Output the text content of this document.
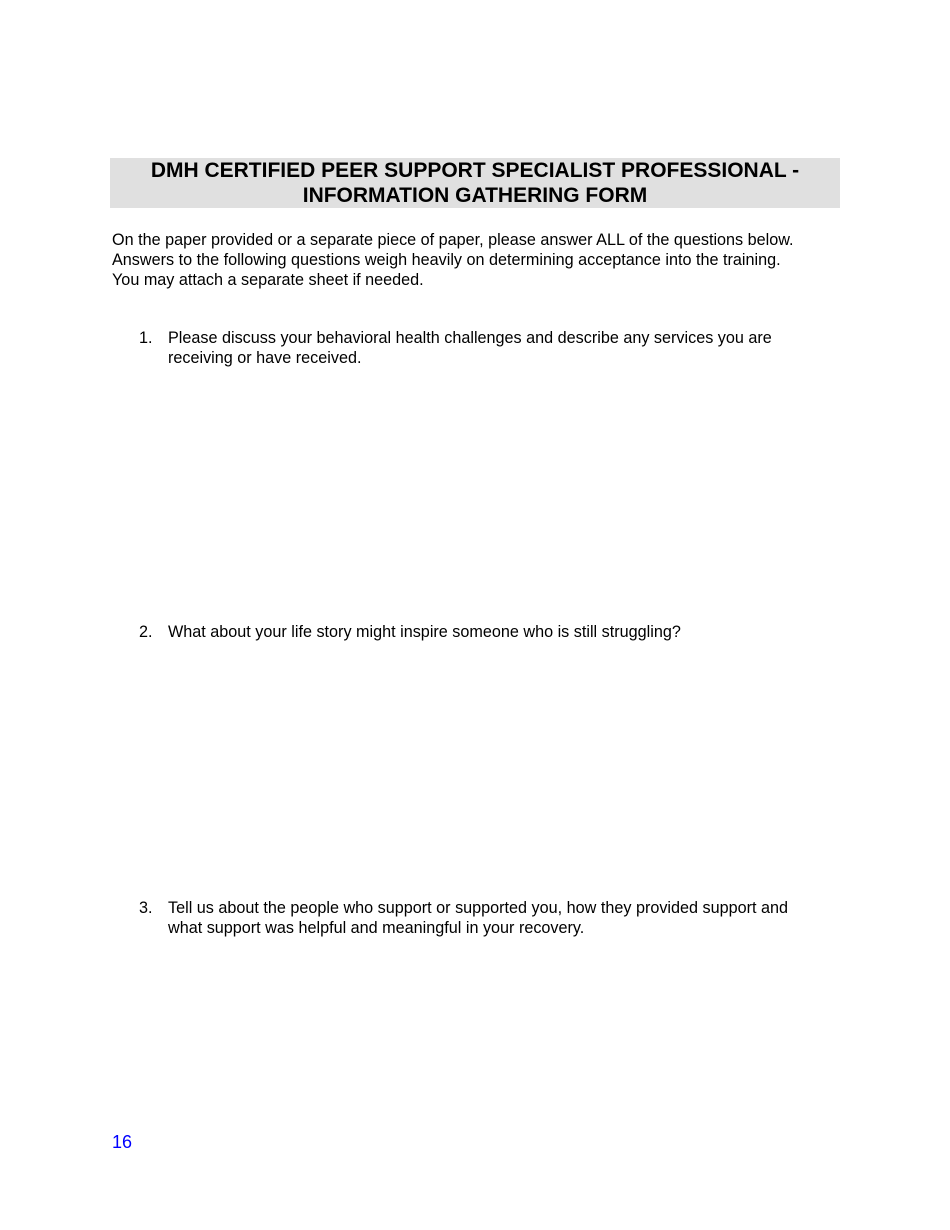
DMH CERTIFIED PEER SUPPORT SPECIALIST PROFESSIONAL -
INFORMATION GATHERING FORM
On the paper provided or a separate piece of paper, please answer ALL of the questions below.
Answers to the following questions weigh heavily on determining acceptance into the training.
You may attach a separate sheet if needed.
1. Please discuss your behavioral health challenges and describe any services you are
receiving or have received.
2. What about your life story might inspire someone who is still struggling?
3. Tell us about the people who support or supported you, how they provided support and
what support was helpful and meaningful in your recovery.
16
